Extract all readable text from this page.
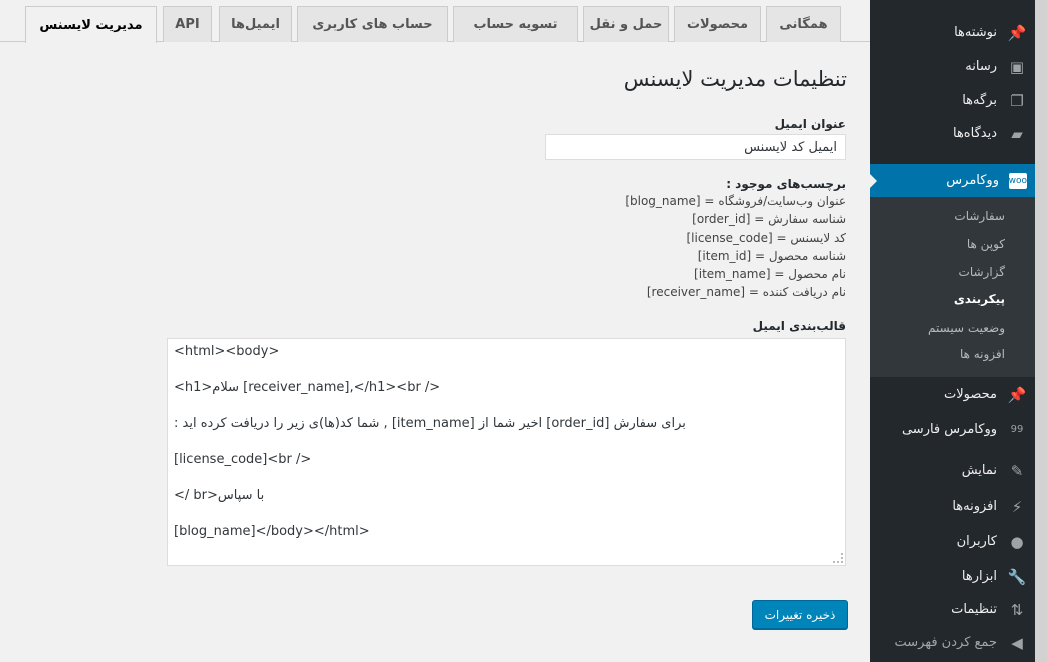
همگانی
محصولات
حمل و نقل
تسویه حساب
حساب های کاربری
ایمیل‌ها
API
مدیریت لایسنس
تنظیمات مدیریت لایسنس
عنوان ایمیل
ایمیل کد لایسنس
برچسب‌های موجود :
[blog_name] = عنوان وب‌سایت/فروشگاه
[order_id] = شناسه سفارش
[license_code] = کد لایسنس
[item_id] = شناسه محصول
[item_name] = نام محصول
[receiver_name] = نام دریافت کننده
قالب‌بندی ایمیل
<html><body>
<h1>سلام [receiver_name],</h1><br />
برای سفارش [order_id] اخیر شما از [item_name] , شما کد(ها)ی زیر را دریافت کرده اید :
[license_code]<br />
با سپاس<br />
[blog_name]</body></html>
ذخیره تغییرات
📌
نوشته‌ها
▣
رسانه
❐
برگه‌ها
▰
دیدگاه‌ها
woo
ووکامرس
سفارشات
کوپن ها
گزارشات
پیکربندی
وضعیت سیستم
افزونه ها
📌
محصولات
99
ووکامرس فارسی
✎
نمایش
⚡
افزونه‌ها
●
کاربران
🔧
ابزارها
⇅
تنظیمات
◀
جمع کردن فهرست
